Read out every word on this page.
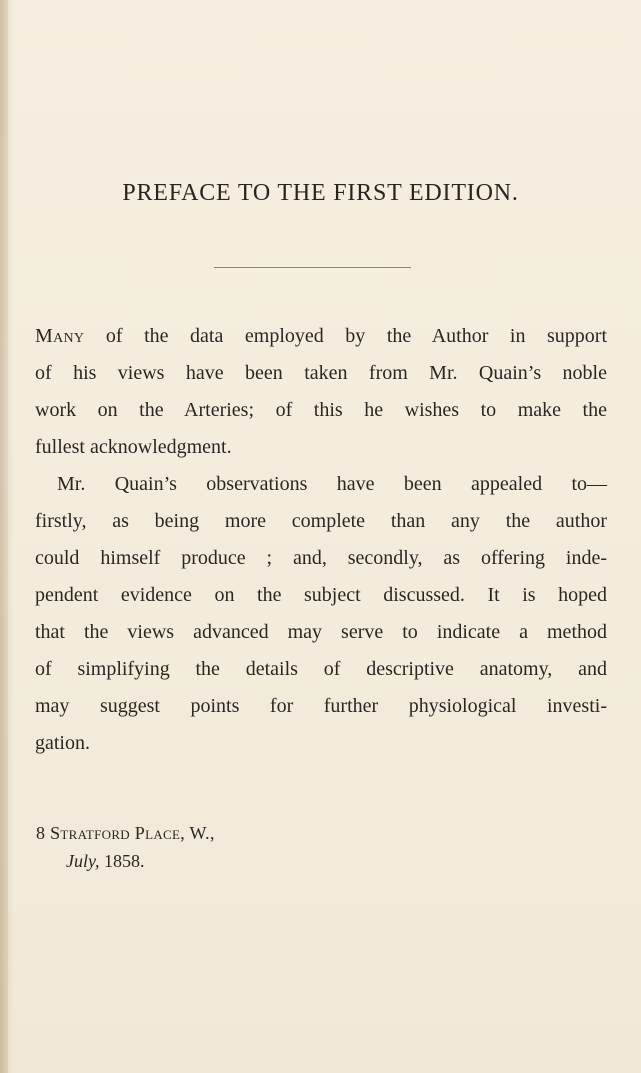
PREFACE TO THE FIRST EDITION.

Many of the data employed by the Author in support
of his views have been taken from Mr. Quain’s noble
work on the Arteries; of this he wishes to make the
fullest acknowledgment.

Mr. Quain’s observations have been appealed to—
firstly, as being more complete than any the author
could himself produce ; and, secondly, as offering inde-
pendent evidence on the subject discussed. It is hoped
that the views advanced may serve to indicate a method
of simplifying the details of descriptive anatomy, and
may suggest points for further physiological investi-
gation.

8 Stratford Place, W.,
July, 1858.
